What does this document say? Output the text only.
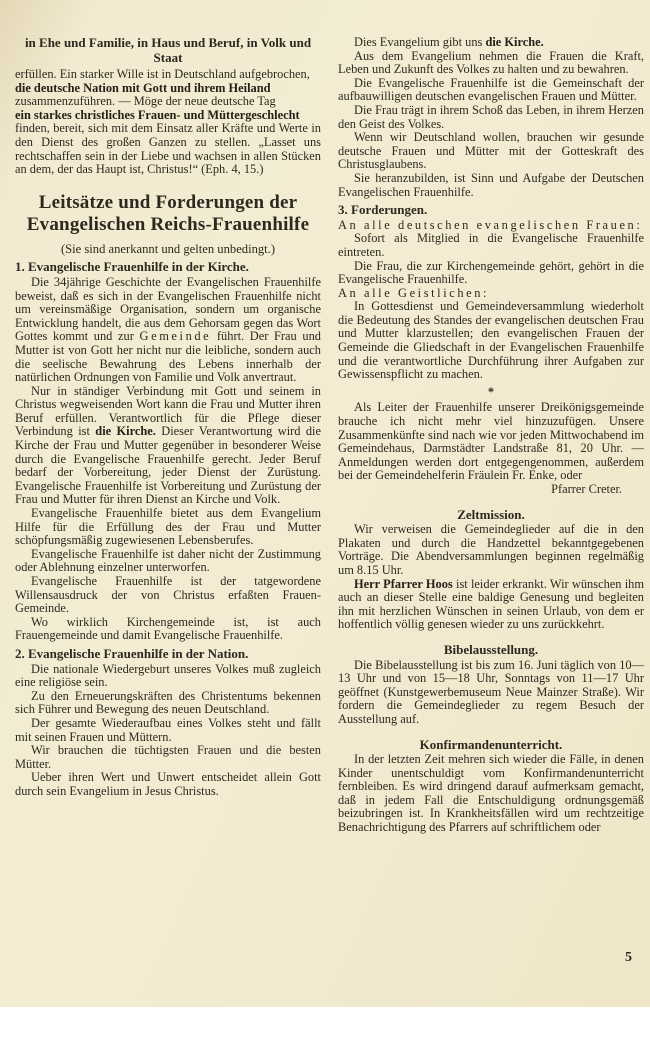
in Ehe und Familie, in Haus und Beruf, in Volk und Staat

erfüllen. Ein starker Wille ist in Deutschland aufgebrochen,
die deutsche Nation mit Gott und ihrem Heiland
zusammenzuführen. — Möge der neue deutsche Tag
ein starkes christliches Frauen- und Müttergeschlecht
finden, bereit, sich mit dem Einsatz aller Kräfte und Werte in den Dienst des großen Ganzen zu stellen. „Lasset uns rechtschaffen sein in der Liebe und wachsen in allen Stücken an dem, der das Haupt ist, Christus!“ (Eph. 4, 15.)

Leitsätze und Forderungen der
Evangelischen Reichs-Frauenhilfe

(Sie sind anerkannt und gelten unbedingt.)

1. Evangelische Frauenhilfe in der Kirche.

Die 34jährige Geschichte der Evangelischen Frauenhilfe beweist, daß es sich in der Evangelischen Frauenhilfe nicht um vereinsmäßige Organisation, sondern um organische Entwicklung handelt, die aus dem Gehorsam gegen das Wort Gottes kommt und zur Gemeinde führt. Der Frau und Mutter ist von Gott her nicht nur die leibliche, sondern auch die seelische Bewahrung des Lebens innerhalb der natürlichen Ordnungen von Familie und Volk anvertraut.

Nur in ständiger Verbindung mit Gott und seinem in Christus wegweisenden Wort kann die Frau und Mutter ihren Beruf erfüllen. Verantwortlich für die Pflege dieser Verbindung ist die Kirche. Dieser Verantwortung wird die Kirche der Frau und Mutter gegenüber in besonderer Weise durch die Evangelische Frauenhilfe gerecht. Jeder Beruf bedarf der Vorbereitung, jeder Dienst der Zurüstung. Evangelische Frauenhilfe ist Vorbereitung und Zurüstung der Frau und Mutter für ihren Dienst an Kirche und Volk.

Evangelische Frauenhilfe bietet aus dem Evangelium Hilfe für die Erfüllung des der Frau und Mutter schöpfungsmäßig zugewiesenen Lebensberufes.

Evangelische Frauenhilfe ist daher nicht der Zustimmung oder Ablehnung einzelner unterworfen.

Evangelische Frauenhilfe ist der tatgewordene Willensausdruck der von Christus erfaßten Frauen-Gemeinde.

Wo wirklich Kirchengemeinde ist, ist auch Frauengemeinde und damit Evangelische Frauenhilfe.

2. Evangelische Frauenhilfe in der Nation.

Die nationale Wiedergeburt unseres Volkes muß zugleich eine religiöse sein.

Zu den Erneuerungskräften des Christentums bekennen sich Führer und Bewegung des neuen Deutschland.

Der gesamte Wiederaufbau eines Volkes steht und fällt mit seinen Frauen und Müttern.

Wir brauchen die tüchtigsten Frauen und die besten Mütter.

Ueber ihren Wert und Unwert entscheidet allein Gott durch sein Evangelium in Jesus Christus.

Dies Evangelium gibt uns die Kirche.

Aus dem Evangelium nehmen die Frauen die Kraft, Leben und Zukunft des Volkes zu halten und zu bewahren.

Die Evangelische Frauenhilfe ist die Gemeinschaft der aufbauwilligen deutschen evangelischen Frauen und Mütter.

Die Frau trägt in ihrem Schoß das Leben, in ihrem Herzen den Geist des Volkes.

Wenn wir Deutschland wollen, brauchen wir gesunde deutsche Frauen und Mütter mit der Gotteskraft des Christusglaubens.

Sie heranzubilden, ist Sinn und Aufgabe der Deutschen Evangelischen Frauenhilfe.

3. Forderungen.

An alle deutschen evangelischen Frauen:

Sofort als Mitglied in die Evangelische Frauenhilfe eintreten.

Die Frau, die zur Kirchengemeinde gehört, gehört in die Evangelische Frauenhilfe.

An alle Geistlichen:

In Gottesdienst und Gemeindeversammlung wiederholt die Bedeutung des Standes der evangelischen deutschen Frau und Mutter klarzustellen; den evangelischen Frauen der Gemeinde die Gliedschaft in der Evangelischen Frauenhilfe und die verantwortliche Durchführung ihrer Aufgaben zur Gewissenspflicht zu machen.

*

Als Leiter der Frauenhilfe unserer Dreikönigsgemeinde brauche ich nicht mehr viel hinzuzufügen. Unsere Zusammenkünfte sind nach wie vor jeden Mittwochabend im Gemeindehaus, Darmstädter Landstraße 81, 20 Uhr. — Anmeldungen werden dort entgegengenommen, außerdem bei der Gemeindehelferin Fräulein Fr. Enke, oder

Pfarrer Creter.

Zeltmission.

Wir verweisen die Gemeindeglieder auf die in den Plakaten und durch die Handzettel bekanntgegebenen Vorträge. Die Abendversammlungen beginnen regelmäßig um 8.15 Uhr.

Herr Pfarrer Hoos ist leider erkrankt. Wir wünschen ihm auch an dieser Stelle eine baldige Genesung und begleiten ihn mit herzlichen Wünschen in seinen Urlaub, von dem er hoffentlich völlig genesen wieder zu uns zurückkehrt.

Bibelausstellung.

Die Bibelausstellung ist bis zum 16. Juni täglich von 10—13 Uhr und von 15—18 Uhr, Sonntags von 11—17 Uhr geöffnet (Kunstgewerbemuseum Neue Mainzer Straße). Wir fordern die Gemeindeglieder zu regem Besuch der Ausstellung auf.

Konfirmandenunterricht.

In der letzten Zeit mehren sich wieder die Fälle, in denen Kinder unentschuldigt vom Konfirmandenunterricht fernbleiben. Es wird dringend darauf aufmerksam gemacht, daß in jedem Fall die Entschuldigung ordnungsgemäß beizubringen ist. In Krankheitsfällen wird um rechtzeitige Benachrichtigung des Pfarrers auf schriftlichem oder

5
